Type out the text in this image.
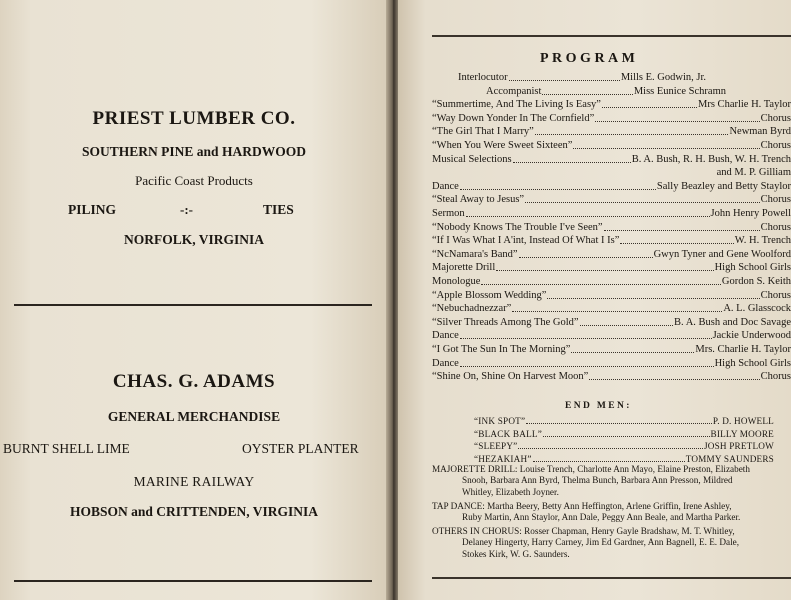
PRIEST LUMBER CO.
SOUTHERN PINE and HARDWOOD
Pacific Coast Products
PILING	-:-	TIES
NORFOLK, VIRGINIA
CHAS. G. ADAMS
GENERAL MERCHANDISE
BURNT SHELL LIME	OYSTER PLANTER
MARINE RAILWAY
HOBSON and CRITTENDEN, VIRGINIA
PROGRAM
Interlocutor	Mills E. Godwin, Jr.
Accompanist	Miss Eunice Schramn
“Summertime, And The Living Is Easy”	Mrs Charlie H. Taylor
“Way Down Yonder In The Cornfield”	Chorus
“The Girl That I Marry”	Newman Byrd
“When You Were Sweet Sixteen”	Chorus
Musical Selections	B. A. Bush, R. H. Bush, W. H. Trench
and M. P. Gilliam
Dance	Sally Beazley and Betty Staylor
“Steal Away to Jesus”	Chorus
Sermon	John Henry Powell
“Nobody Knows The Trouble I've Seen”	Chorus
“If I Was What I A'int, Instead Of What I Is”	W. H. Trench
“NcNamara's Band”	Gwyn Tyner and Gene Woolford
Majorette Drill	High School Girls
Monologue	Gordon S. Keith
“Apple Blossom Wedding”	Chorus
“Nebuchadnezzar”	A. L. Glasscock
“Silver Threads Among The Gold”	B. A. Bush and Doc Savage
Dance	Jackie Underwood
“I Got The Sun In The Morning”	Mrs. Charlie H. Taylor
Dance	High School Girls
“Shine On, Shine On Harvest Moon”	Chorus
E N D   M E N :
“INK SPOT”	P. D. HOWELL
“BLACK BALL”	BILLY MOORE
“SLEEPY”	JOSH PRETLOW
“HEZAKIAH”	TOMMY SAUNDERS
MAJORETTE DRILL: Louise Trench, Charlotte Ann Mayo, Elaine Preston, Elizabeth
Snooh, Barbara Ann Byrd, Thelma Bunch, Barbara Ann Presson, Mildred
Whitley, Elizabeth Joyner.
TAP DANCE: Martha Beery, Betty Ann Heffington, Arlene Griffin, Irene Ashley,
Ruby Martin, Ann Staylor, Ann Dale, Peggy Ann Beale, and Martha Parker.
OTHERS IN CHORUS: Rosser Chapman, Henry Gayle Bradshaw, M. T. Whitley,
Delaney Hingerty, Harry Carney, Jim Ed Gardner, Ann Bagnell, E. E. Dale,
Stokes Kirk, W. G. Saunders.
